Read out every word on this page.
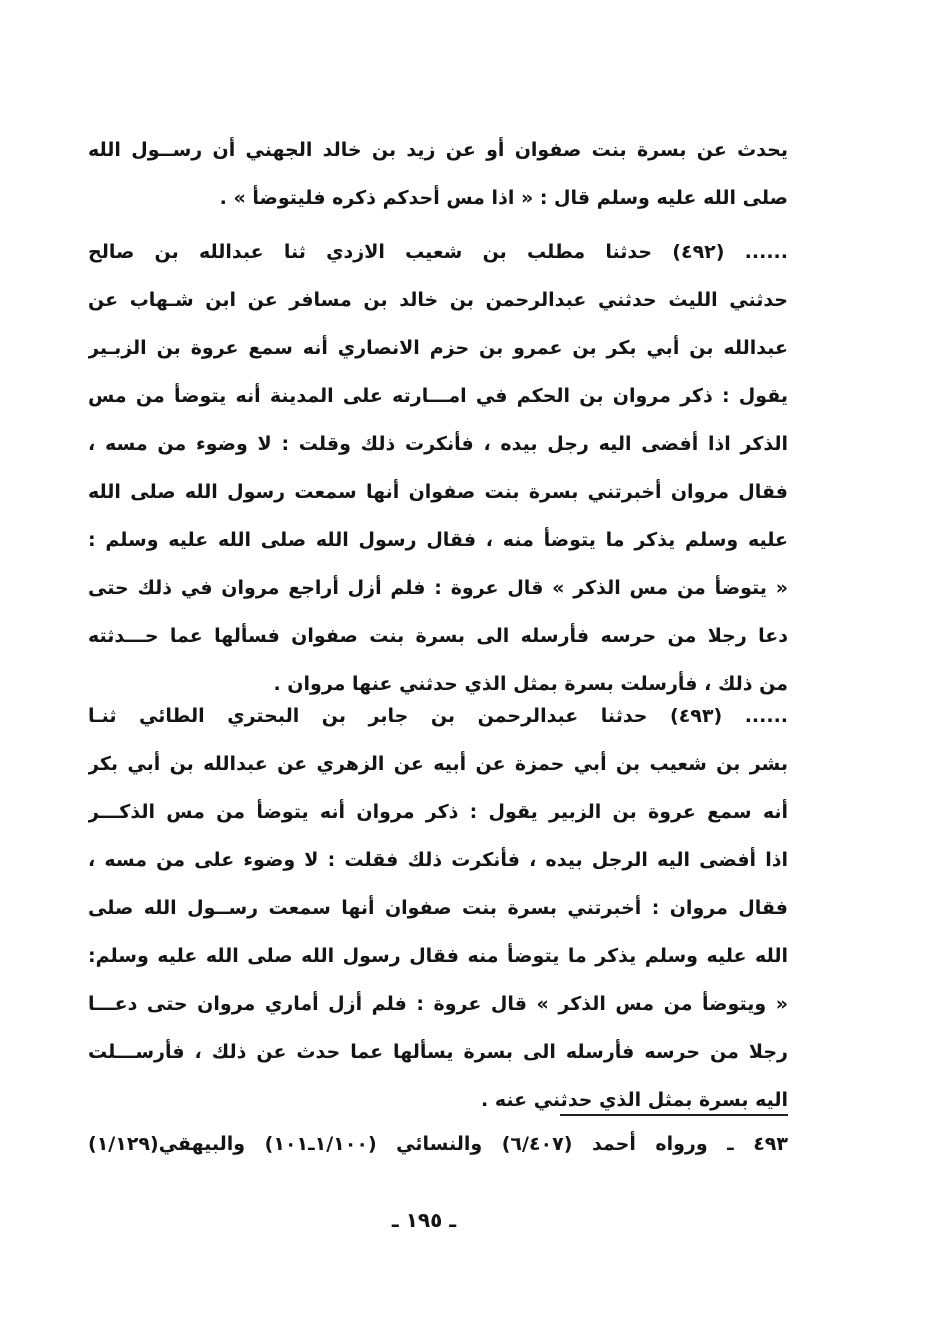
يحدث عن بسرة بنت صفوان أو عن زيد بن خالد الجهني أن رســول الله
صلى الله عليه وسلم قال : « اذا مس أحدكم ذكره فليتوضأ » .
...... (٤٩٢) حدثنا مطلب بن شعيب الازدي ثنا عبدالله بن صالح
حدثني الليث حدثني عبدالرحمن بن خالد بن مسافر عن ابن شـهاب عن
عبدالله بن أبي بكر بن عمرو بن حزم الانصاري أنه سمع عروة بن الزبـير
يقول : ذكر مروان بن الحكم في امـــارته على المدينة أنه يتوضأ من مس
الذكر اذا أفضى اليه رجل بيده ، فأنكرت ذلك وقلت : لا وضوء من مسه ،
فقال مروان أخبرتني بسرة بنت صفوان أنها سمعت رسول الله صلى الله
عليه وسلم يذكر ما يتوضأ منه ، فقال رسول الله صلى الله عليه وسلم :
« يتوضأ من مس الذكر » قال عروة : فلم أزل أراجع مروان في ذلك حتى
دعا رجلا من حرسه فأرسله الى بسرة بنت صفوان فسألها عما حـــدثته
من ذلك ، فأرسلت بسرة بمثل الذي حدثني عنها مروان .
...... (٤٩٣) حدثنا عبدالرحمن بن جابر بن البحتري الطائي ثنـا
بشر بن شعيب بن أبي حمزة عن أبيه عن الزهري عن عبدالله بن أبي بكر
أنه سمع عروة بن الزبير يقول : ذكر مروان أنه يتوضأ من مس الذكـــر
اذا أفضى اليه الرجل بيده ، فأنكرت ذلك فقلت : لا وضوء على من مسه ،
فقال مروان : أخبرتني بسرة بنت صفوان أنها سمعت رســول الله صلى
الله عليه وسلم يذكر ما يتوضأ منه فقال رسول الله صلى الله عليه وسلم:
« ويتوضأ من مس الذكر » قال عروة : فلم أزل أماري مروان حتى دعـــا
رجلا من حرسه فأرسله الى بسرة يسألها عما حدث عن ذلك ، فأرســـلت
اليه بسرة بمثل الذي حدثني عنه .
٤٩٣ ـ ورواه أحمد (٦/٤٠٧) والنسائي (١/١٠٠ـ١٠١) والبيهقي(١/١٢٩)
ـ ١٩٥ ـ
